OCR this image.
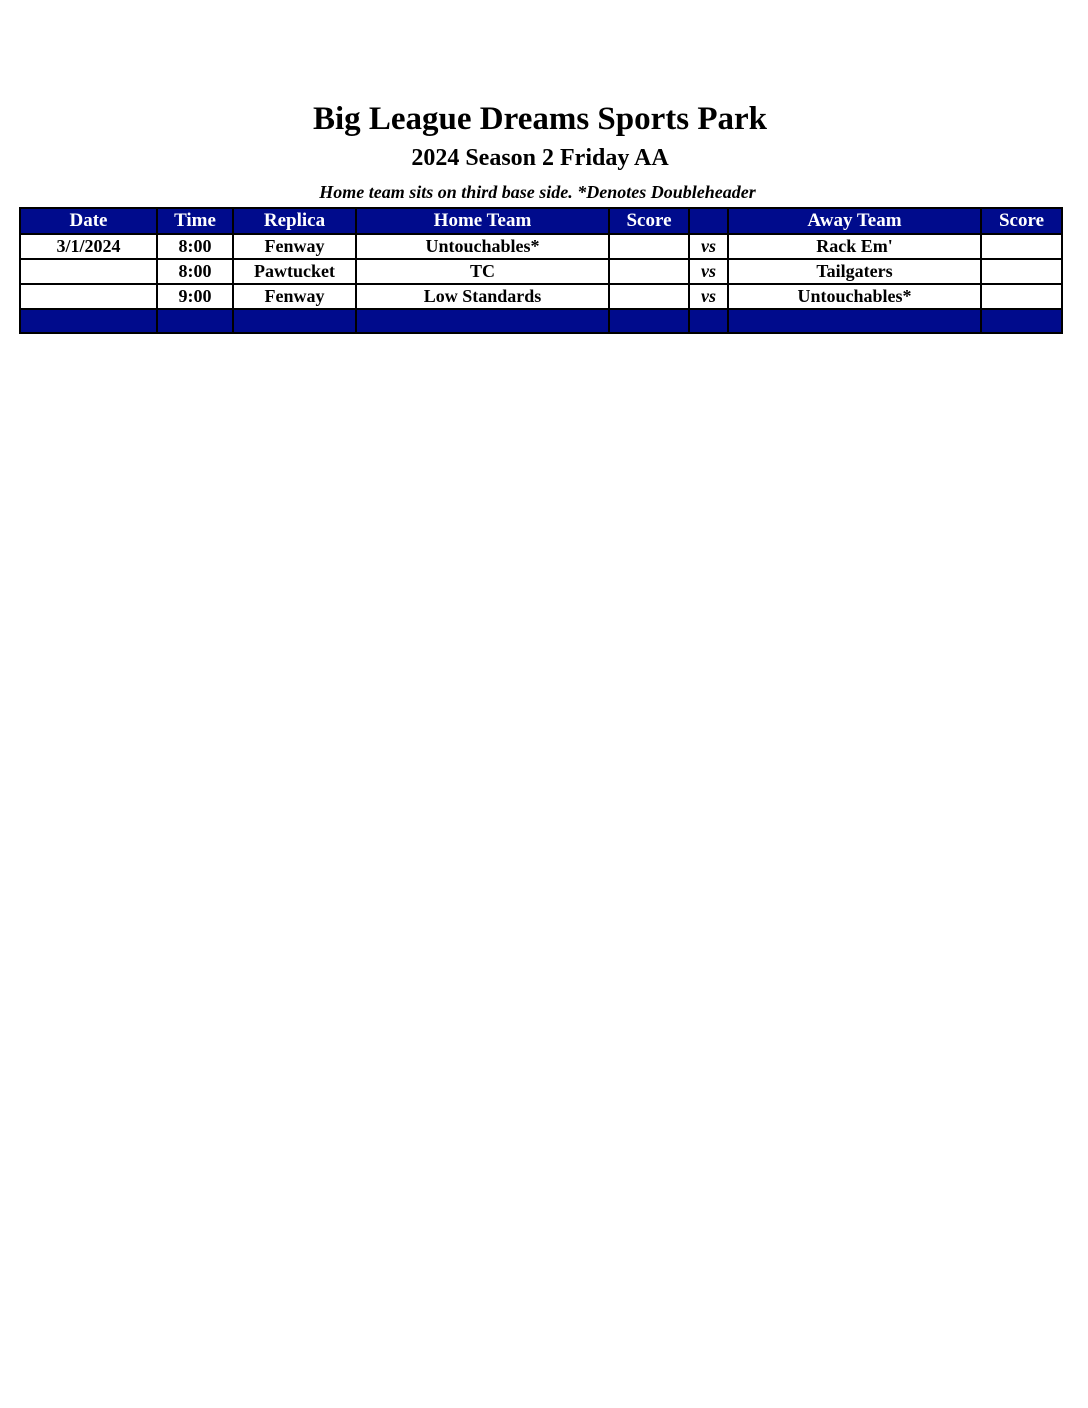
Big League Dreams Sports Park
2024 Season 2 Friday AA
Home team sits on third base side. *Denotes Doubleheader
Date	Time	Replica	Home Team	Score		Away Team	Score
3/1/2024	8:00	Fenway	Untouchables*		vs	Rack Em'	
	8:00	Pawtucket	TC		vs	Tailgaters	
	9:00	Fenway	Low Standards		vs	Untouchables*	
